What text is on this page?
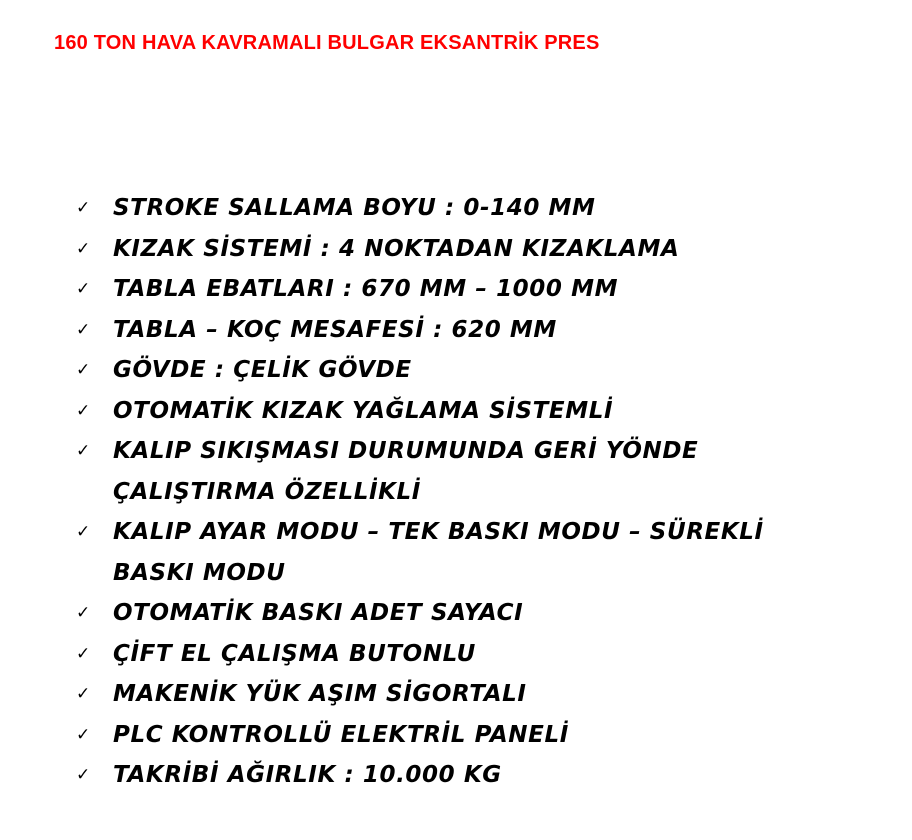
160 TON HAVA KAVRAMALI BULGAR EKSANTRİK PRES
✓ STROKE SALLAMA BOYU : 0-140 MM
✓ KIZAK SİSTEMİ : 4 NOKTADAN KIZAKLAMA
✓ TABLA EBATLARI : 670 MM – 1000 MM
✓ TABLA – KOÇ MESAFESİ : 620 MM
✓ GÖVDE : ÇELİK GÖVDE
✓ OTOMATİK KIZAK YAĞLAMA SİSTEMLİ
✓ KALIP SIKIŞMASI DURUMUNDA GERİ YÖNDE
ÇALIŞTIRMA ÖZELLİKLİ
✓ KALIP AYAR MODU – TEK BASKI MODU – SÜREKLİ
BASKI MODU
✓ OTOMATİK BASKI ADET SAYACI
✓ ÇİFT EL ÇALIŞMA BUTONLU
✓ MAKENİK YÜK AŞIM SİGORTALI
✓ PLC KONTROLLÜ ELEKTRİL PANELİ
✓ TAKRİBİ AĞIRLIK : 10.000 KG
